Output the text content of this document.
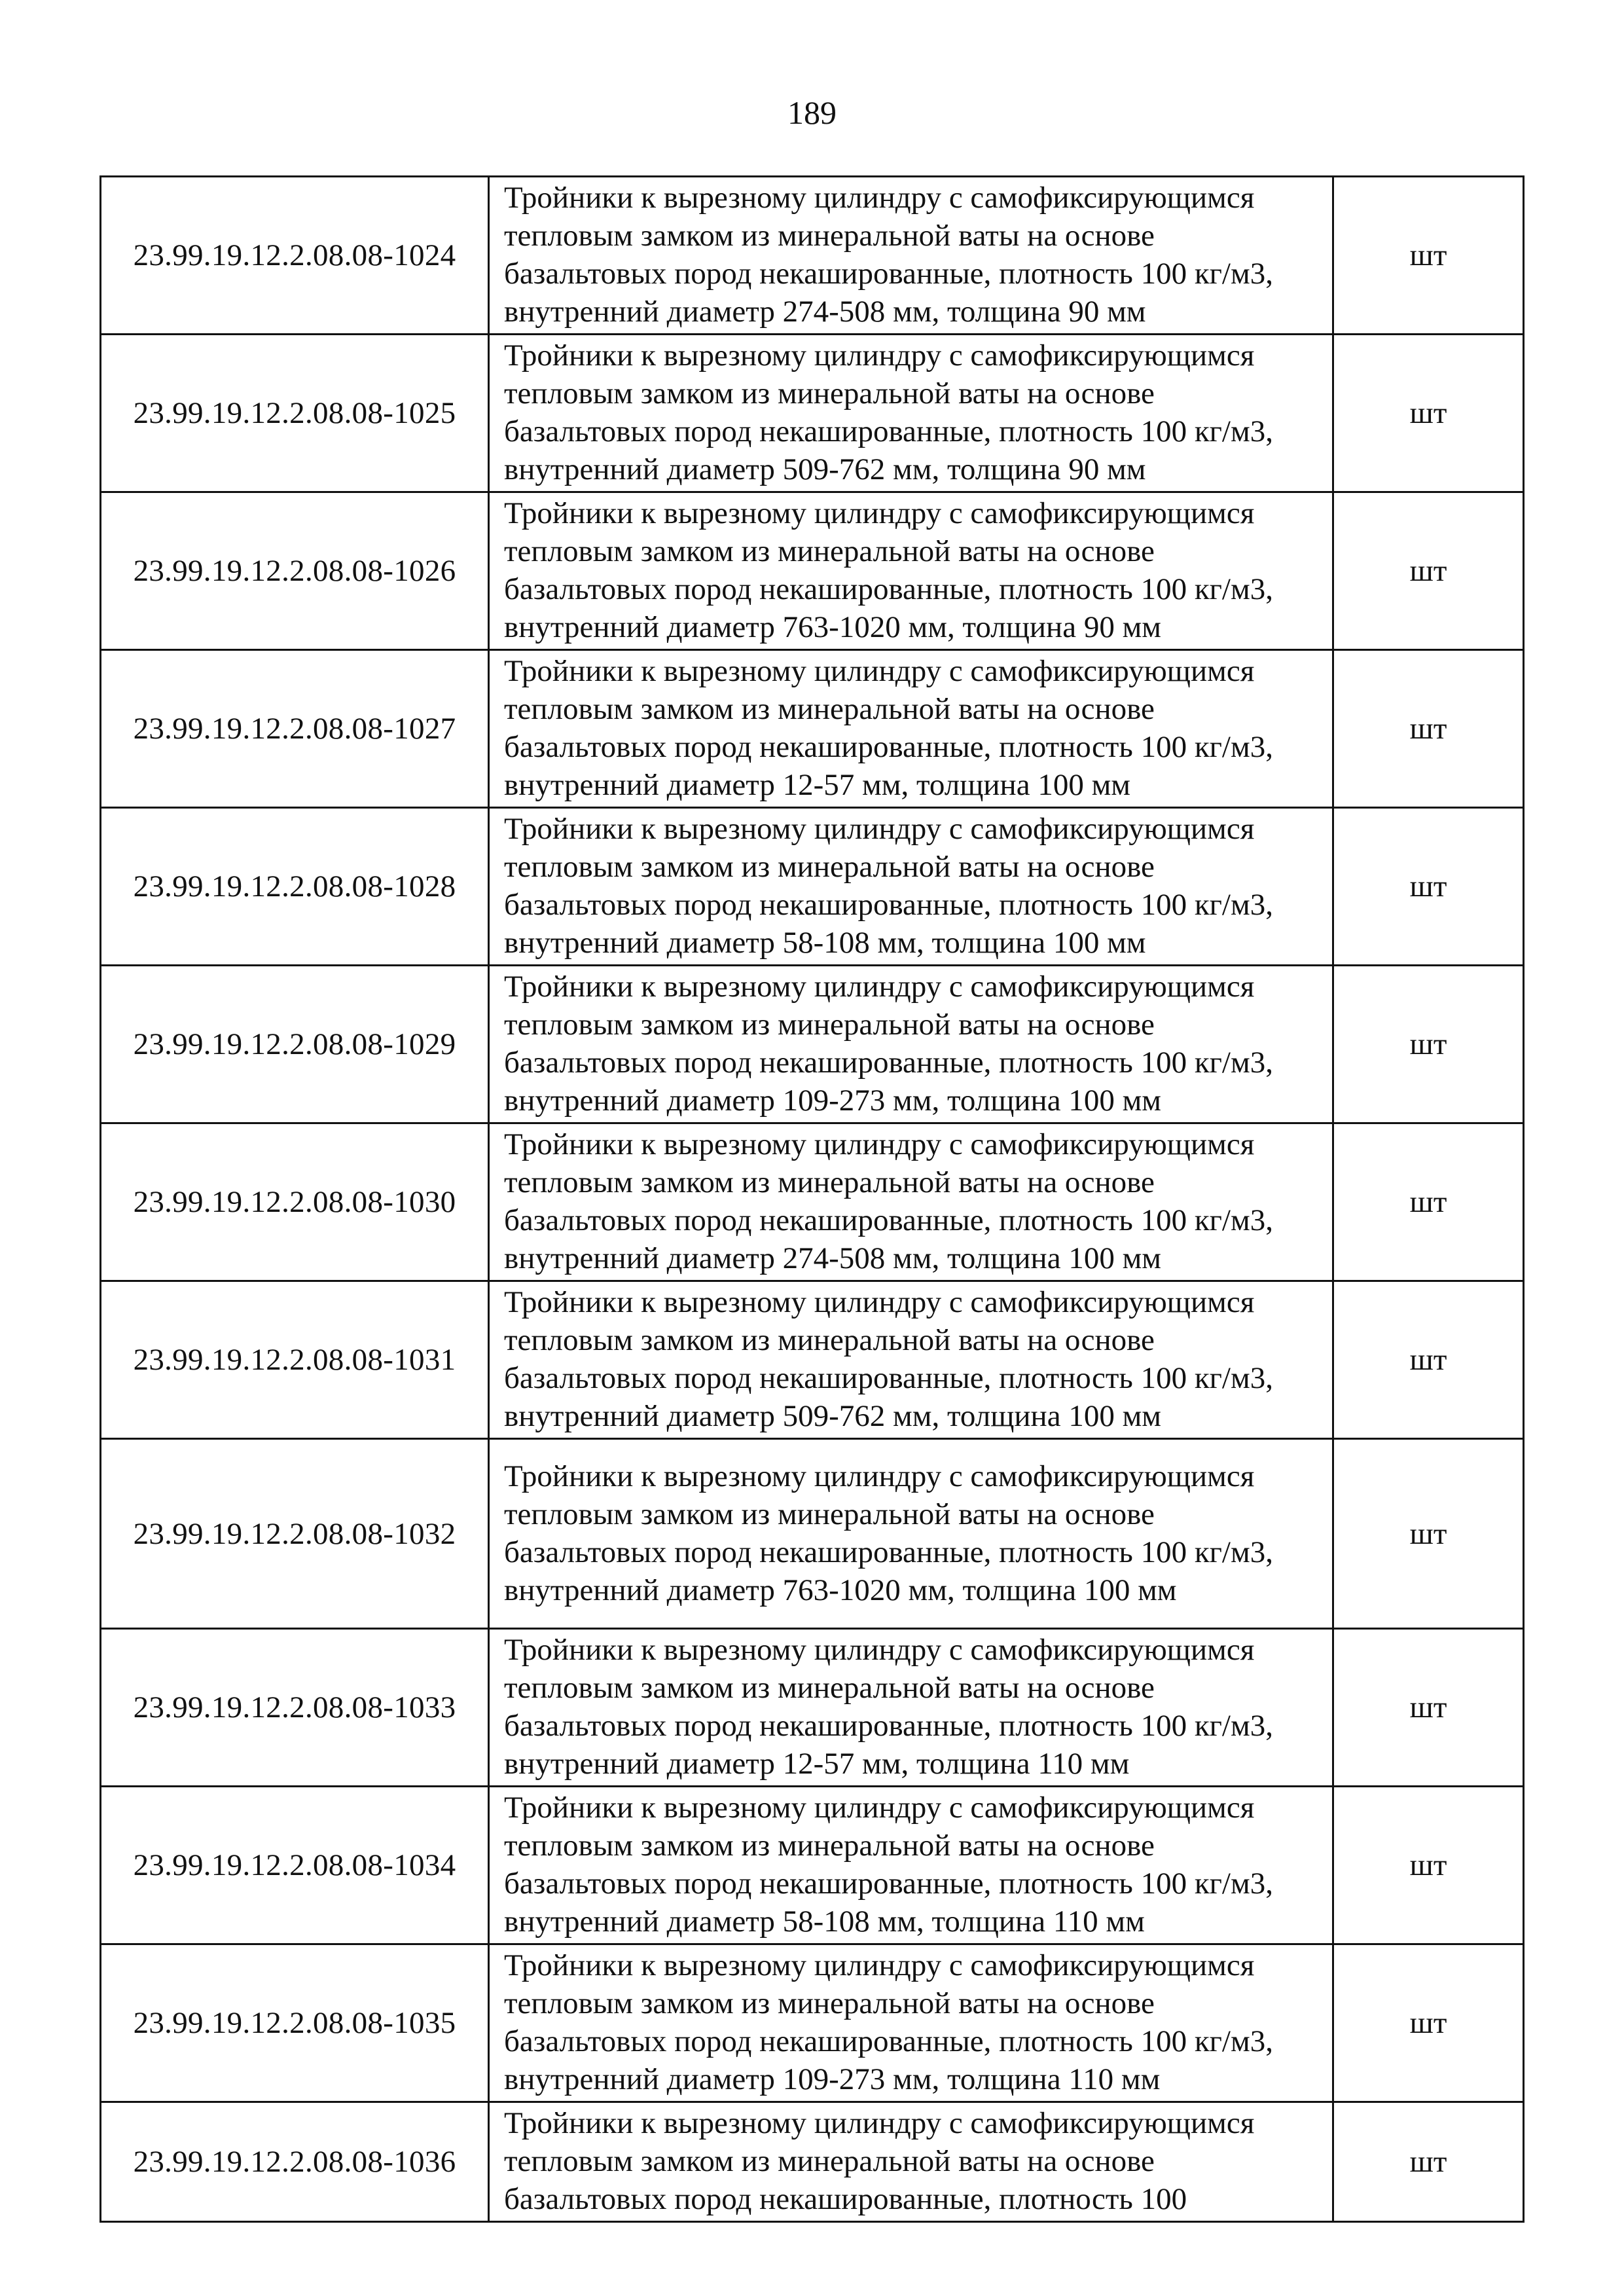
189
23.99.19.12.2.08.08-1024	Тройники к вырезному цилиндру с самофиксирующимся тепловым замком из минеральной ваты на основе базальтовых пород некашированные, плотность 100 кг/м3, внутренний диаметр 274-508 мм, толщина 90 мм	шт
23.99.19.12.2.08.08-1025	Тройники к вырезному цилиндру с самофиксирующимся тепловым замком из минеральной ваты на основе базальтовых пород некашированные, плотность 100 кг/м3, внутренний диаметр 509-762 мм, толщина 90 мм	шт
23.99.19.12.2.08.08-1026	Тройники к вырезному цилиндру с самофиксирующимся тепловым замком из минеральной ваты на основе базальтовых пород некашированные, плотность 100 кг/м3, внутренний диаметр 763-1020 мм, толщина 90 мм	шт
23.99.19.12.2.08.08-1027	Тройники к вырезному цилиндру с самофиксирующимся тепловым замком из минеральной ваты на основе базальтовых пород некашированные, плотность 100 кг/м3, внутренний диаметр 12-57 мм, толщина 100 мм	шт
23.99.19.12.2.08.08-1028	Тройники к вырезному цилиндру с самофиксирующимся тепловым замком из минеральной ваты на основе базальтовых пород некашированные, плотность 100 кг/м3, внутренний диаметр 58-108 мм, толщина 100 мм	шт
23.99.19.12.2.08.08-1029	Тройники к вырезному цилиндру с самофиксирующимся тепловым замком из минеральной ваты на основе базальтовых пород некашированные, плотность 100 кг/м3, внутренний диаметр 109-273 мм, толщина 100 мм	шт
23.99.19.12.2.08.08-1030	Тройники к вырезному цилиндру с самофиксирующимся тепловым замком из минеральной ваты на основе базальтовых пород некашированные, плотность 100 кг/м3, внутренний диаметр 274-508 мм, толщина 100 мм	шт
23.99.19.12.2.08.08-1031	Тройники к вырезному цилиндру с самофиксирующимся тепловым замком из минеральной ваты на основе базальтовых пород некашированные, плотность 100 кг/м3, внутренний диаметр 509-762 мм, толщина 100 мм	шт
23.99.19.12.2.08.08-1032	Тройники к вырезному цилиндру с самофиксирующимся тепловым замком из минеральной ваты на основе базальтовых пород некашированные, плотность 100 кг/м3, внутренний диаметр 763-1020 мм, толщина 100 мм	шт
23.99.19.12.2.08.08-1033	Тройники к вырезному цилиндру с самофиксирующимся тепловым замком из минеральной ваты на основе базальтовых пород некашированные, плотность 100 кг/м3, внутренний диаметр 12-57 мм, толщина 110 мм	шт
23.99.19.12.2.08.08-1034	Тройники к вырезному цилиндру с самофиксирующимся тепловым замком из минеральной ваты на основе базальтовых пород некашированные, плотность 100 кг/м3, внутренний диаметр 58-108 мм, толщина 110 мм	шт
23.99.19.12.2.08.08-1035	Тройники к вырезному цилиндру с самофиксирующимся тепловым замком из минеральной ваты на основе базальтовых пород некашированные, плотность 100 кг/м3, внутренний диаметр 109-273 мм, толщина 110 мм	шт
23.99.19.12.2.08.08-1036	Тройники к вырезному цилиндру с самофиксирующимся тепловым замком из минеральной ваты на основе базальтовых пород некашированные, плотность 100	шт
